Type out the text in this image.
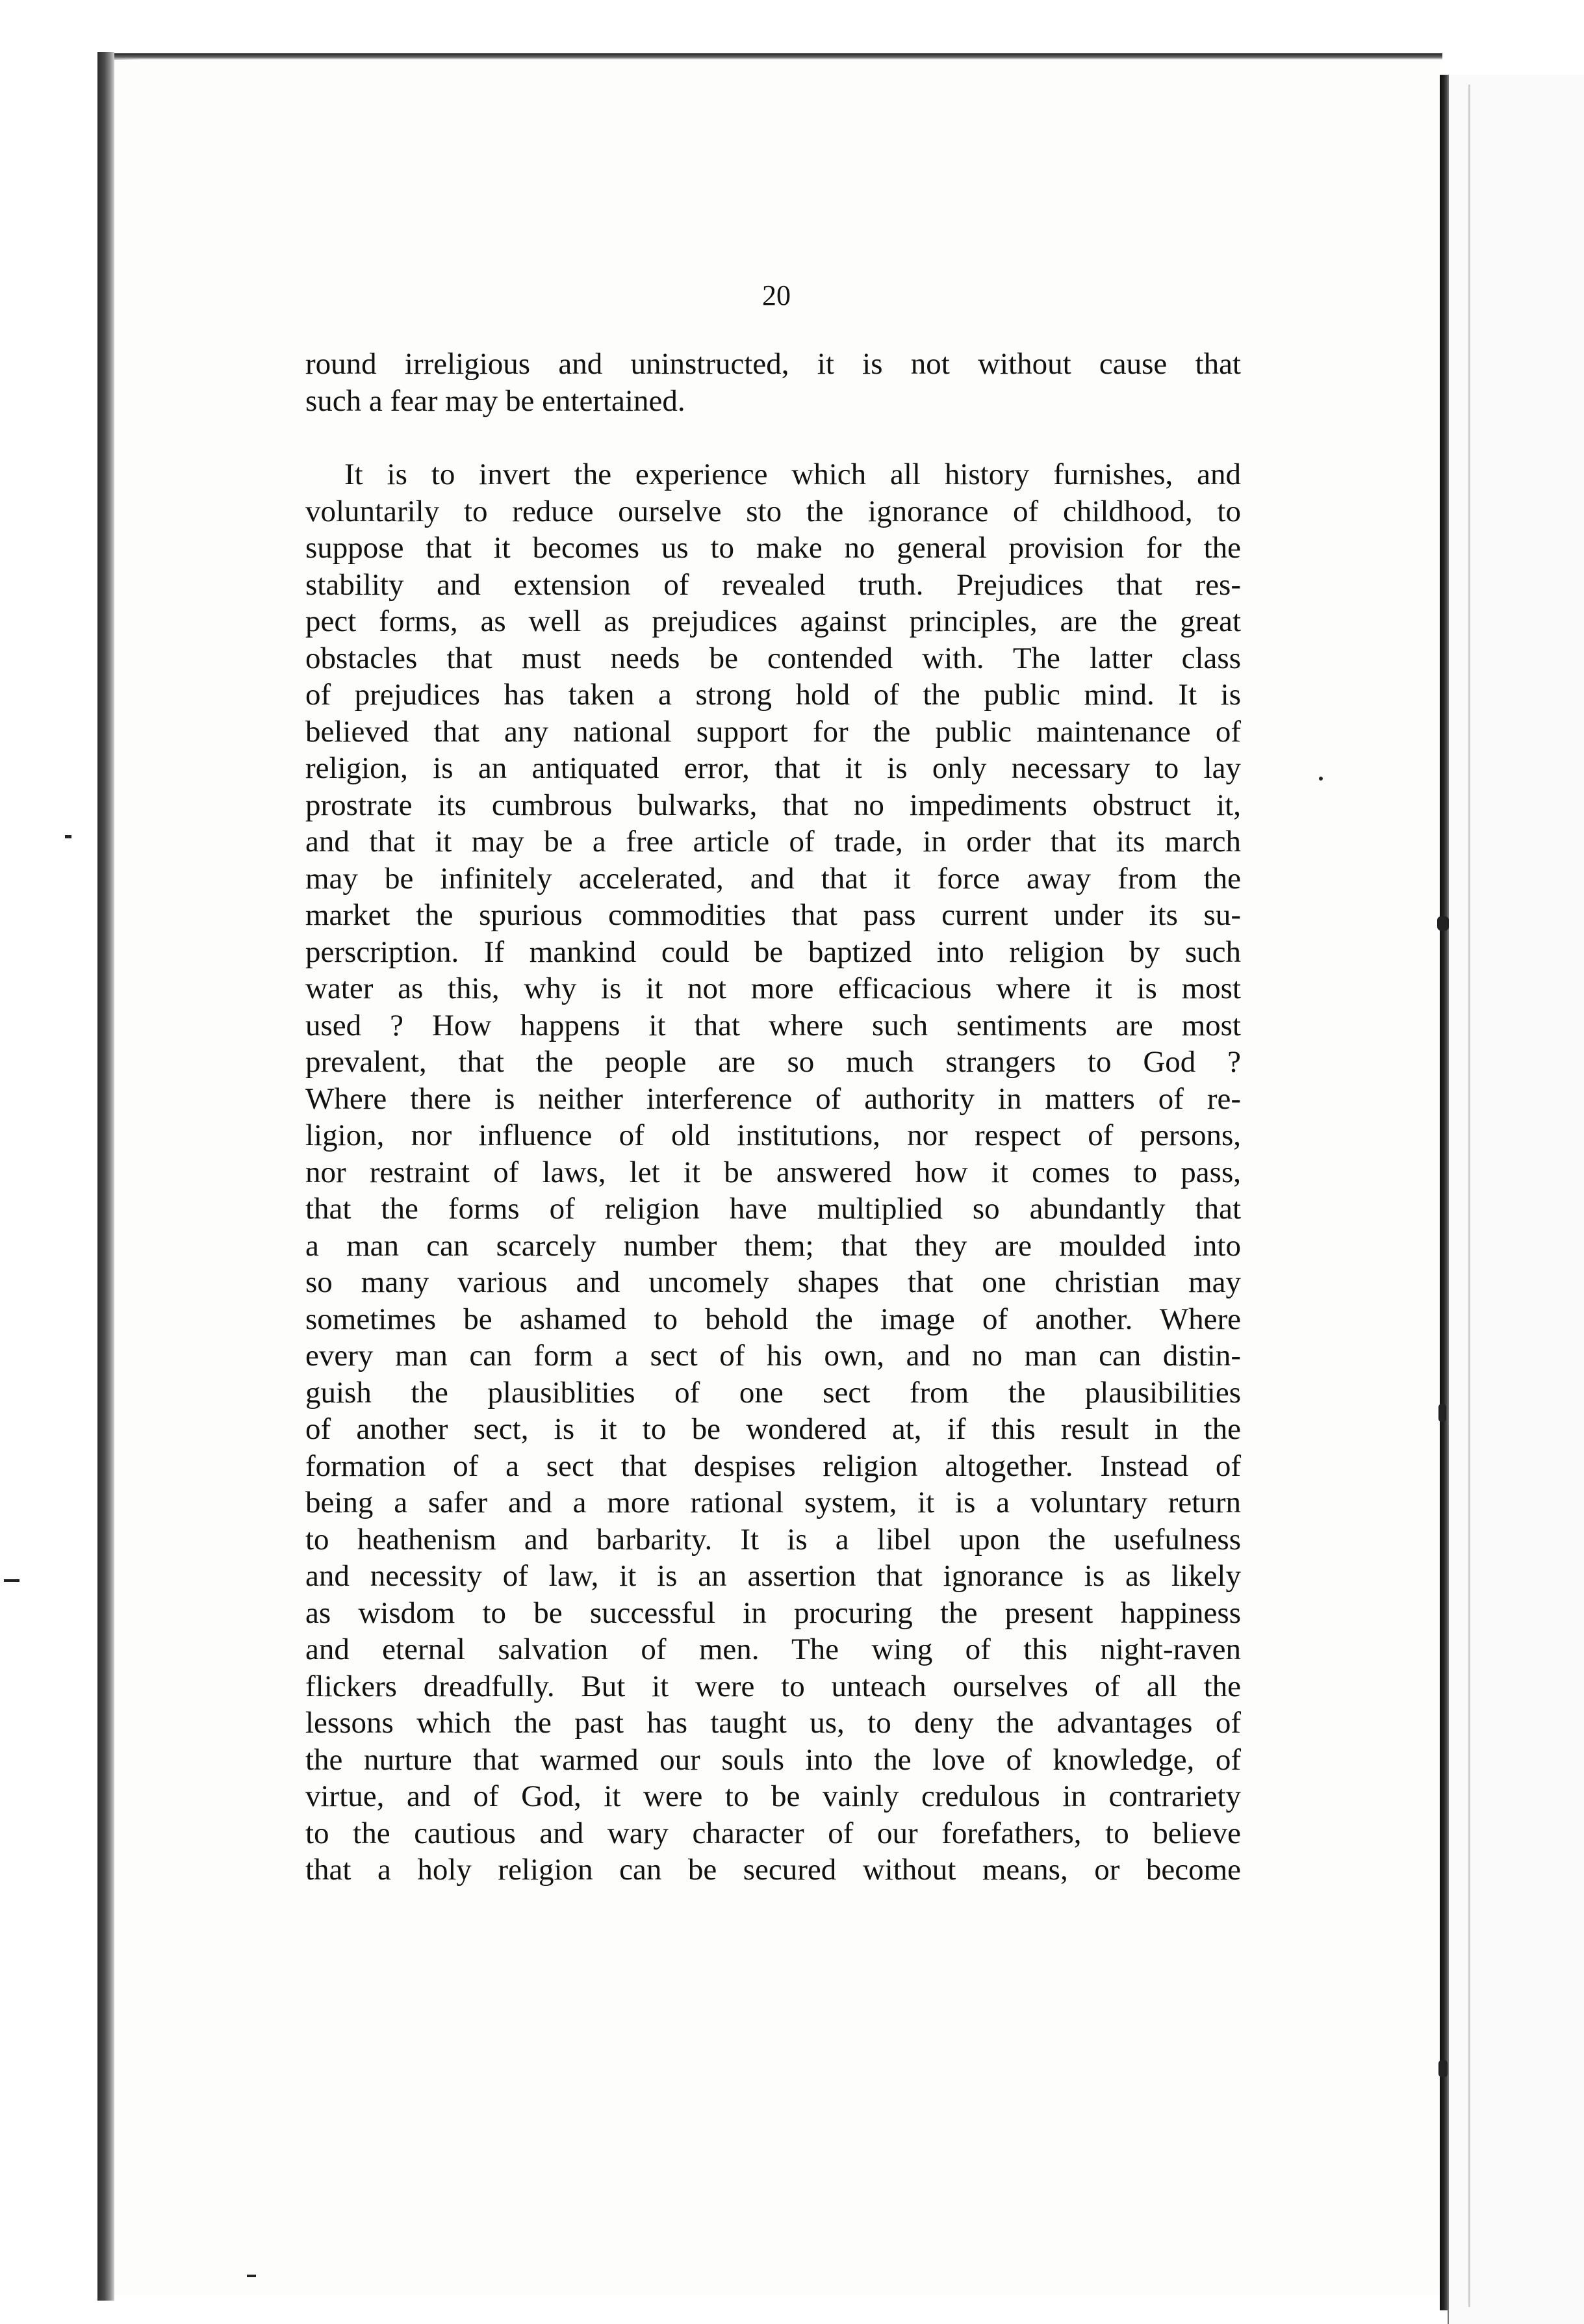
20
round irreligious and uninstructed, it is not without cause that
such a fear may be entertained.
It is to invert the experience which all history furnishes, and
voluntarily to reduce ourselve sto the ignorance of childhood, to
suppose that it becomes us to make no general provision for the
stability and extension of revealed truth. Prejudices that res-
pect forms, as well as prejudices against principles, are the great
obstacles that must needs be contended with. The latter class
of prejudices has taken a strong hold of the public mind. It is
believed that any national support for the public maintenance of
religion, is an antiquated error, that it is only necessary to lay
prostrate its cumbrous bulwarks, that no impediments obstruct it,
and that it may be a free article of trade, in order that its march
may be infinitely accelerated, and that it force away from the
market the spurious commodities that pass current under its su-
perscription. If mankind could be baptized into religion by such
water as this, why is it not more efficacious where it is most
used ? How happens it that where such sentiments are most
prevalent, that the people are so much strangers to God ?
Where there is neither interference of authority in matters of re-
ligion, nor influence of old institutions, nor respect of persons,
nor restraint of laws, let it be answered how it comes to pass,
that the forms of religion have multiplied so abundantly that
a man can scarcely number them; that they are moulded into
so many various and uncomely shapes that one christian may
sometimes be ashamed to behold the image of another. Where
every man can form a sect of his own, and no man can distin-
guish the plausiblities of one sect from the plausibilities
of another sect, is it to be wondered at, if this result in the
formation of a sect that despises religion altogether. Instead of
being a safer and a more rational system, it is a voluntary return
to heathenism and barbarity. It is a libel upon the usefulness
and necessity of law, it is an assertion that ignorance is as likely
as wisdom to be successful in procuring the present happiness
and eternal salvation of men. The wing of this night-raven
flickers dreadfully. But it were to unteach ourselves of all the
lessons which the past has taught us, to deny the advantages of
the nurture that warmed our souls into the love of knowledge, of
virtue, and of God, it were to be vainly credulous in contrariety
to the cautious and wary character of our forefathers, to believe
that a holy religion can be secured without means, or become
